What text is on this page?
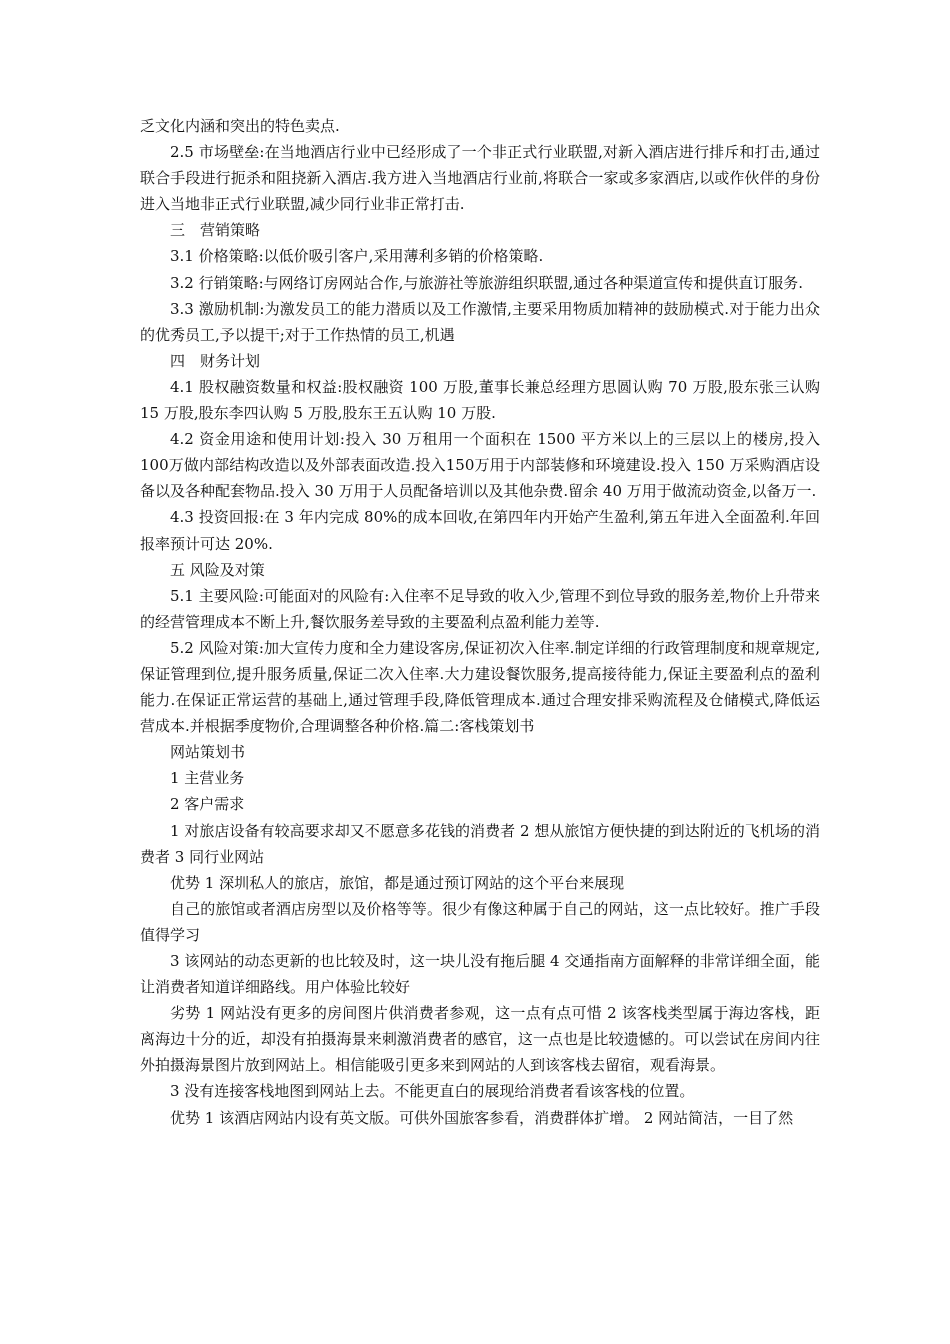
乏文化内涵和突出的特色卖点.

2.5 市场壁垒:在当地酒店行业中已经形成了一个非正式行业联盟,对新入酒店进行排斥和打击,通过联合手段进行扼杀和阻挠新入酒店.我方进入当地酒店行业前,将联合一家或多家酒店,以或作伙伴的身份进入当地非正式行业联盟,减少同行业非正常打击.

三　营销策略

3.1 价格策略:以低价吸引客户,采用薄利多销的价格策略.

3.2 行销策略:与网络订房网站合作,与旅游社等旅游组织联盟,通过各种渠道宣传和提供直订服务.

3.3 激励机制:为激发员工的能力潜质以及工作激情,主要采用物质加精神的鼓励模式.对于能力出众的优秀员工,予以提干;对于工作热情的员工,机遇

四　财务计划

4.1 股权融资数量和权益:股权融资 100 万股,董事长兼总经理方思圆认购 70 万股,股东张三认购 15 万股,股东李四认购 5 万股,股东王五认购 10 万股.

4.2 资金用途和使用计划:投入 30 万租用一个面积在 1500 平方米以上的三层以上的楼房,投入100万做内部结构改造以及外部表面改造.投入150万用于内部装修和环境建设.投入 150 万采购酒店设备以及各种配套物品.投入 30 万用于人员配备培训以及其他杂费.留余 40 万用于做流动资金,以备万一.

4.3 投资回报:在 3 年内完成 80%的成本回收,在第四年内开始产生盈利,第五年进入全面盈利.年回报率预计可达 20%.

五 风险及对策

5.1 主要风险:可能面对的风险有:入住率不足导致的收入少,管理不到位导致的服务差,物价上升带来的经营管理成本不断上升,餐饮服务差导致的主要盈利点盈利能力差等.

5.2 风险对策:加大宣传力度和全力建设客房,保证初次入住率.制定详细的行政管理制度和规章规定,保证管理到位,提升服务质量,保证二次入住率.大力建设餐饮服务,提高接待能力,保证主要盈利点的盈利能力.在保证正常运营的基础上,通过管理手段,降低管理成本.通过合理安排采购流程及仓储模式,降低运营成本.并根据季度物价,合理调整各种价格.篇二:客栈策划书

网站策划书

1 主营业务

2 客户需求

1 对旅店设备有较高要求却又不愿意多花钱的消费者 2 想从旅馆方便快捷的到达附近的飞机场的消费者 3 同行业网站

优势 1 深圳私人的旅店，旅馆，都是通过预订网站的这个平台来展现

自己的旅馆或者酒店房型以及价格等等。很少有像这种属于自己的网站，这一点比较好。推广手段值得学习

3 该网站的动态更新的也比较及时，这一块儿没有拖后腿 4 交通指南方面解释的非常详细全面，能让消费者知道详细路线。用户体验比较好

劣势 1 网站没有更多的房间图片供消费者参观，这一点有点可惜 2 该客栈类型属于海边客栈，距离海边十分的近，却没有拍摄海景来刺激消费者的感官，这一点也是比较遗憾的。可以尝试在房间内往外拍摄海景图片放到网站上。相信能吸引更多来到网站的人到该客栈去留宿，观看海景。

3 没有连接客栈地图到网站上去。不能更直白的展现给消费者看该客栈的位置。

优势 1 该酒店网站内设有英文版。可供外国旅客参看，消费群体扩增。 2 网站简洁，一目了然
